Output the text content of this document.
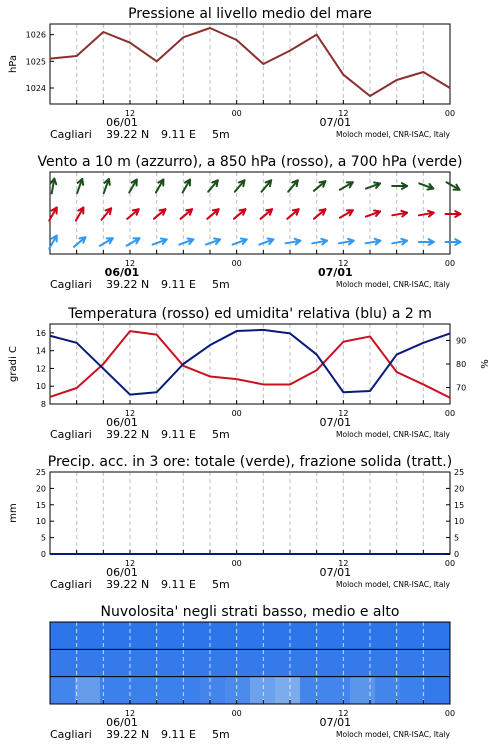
Pressione al livello medio del mare
12	00	12	00
06/01	07/01
Cagliari 39.22 N 9.11 E 5m	Moloch model, CNR-ISAC, Italy
1024
1025
1026
hPa
Vento a 10 m (azzurro), a 850 hPa (rosso), a 700 hPa (verde)
12	00	12	00
06/01	07/01
Cagliari 39.22 N 9.11 E 5m	Moloch model, CNR-ISAC, Italy
Temperatura (rosso) ed umidita' relativa (blu) a 2 m
12	00	12	00
06/01	07/01
Cagliari 39.22 N 9.11 E 5m	Moloch model, CNR-ISAC, Italy
8
10
12
14
16
gradi C
70
80
90
%
Precip. acc. in 3 ore: totale (verde), frazione solida (tratt.)
12	00	12	00
06/01	07/01
Cagliari 39.22 N 9.11 E 5m	Moloch model, CNR-ISAC, Italy
0
5
10
15
20
25
mm
0
5
10
15
20
25
Nuvolosita' negli strati basso, medio e alto
12	00	12	00
06/01	07/01
Cagliari 39.22 N 9.11 E 5m	Moloch model, CNR-ISAC, Italy
